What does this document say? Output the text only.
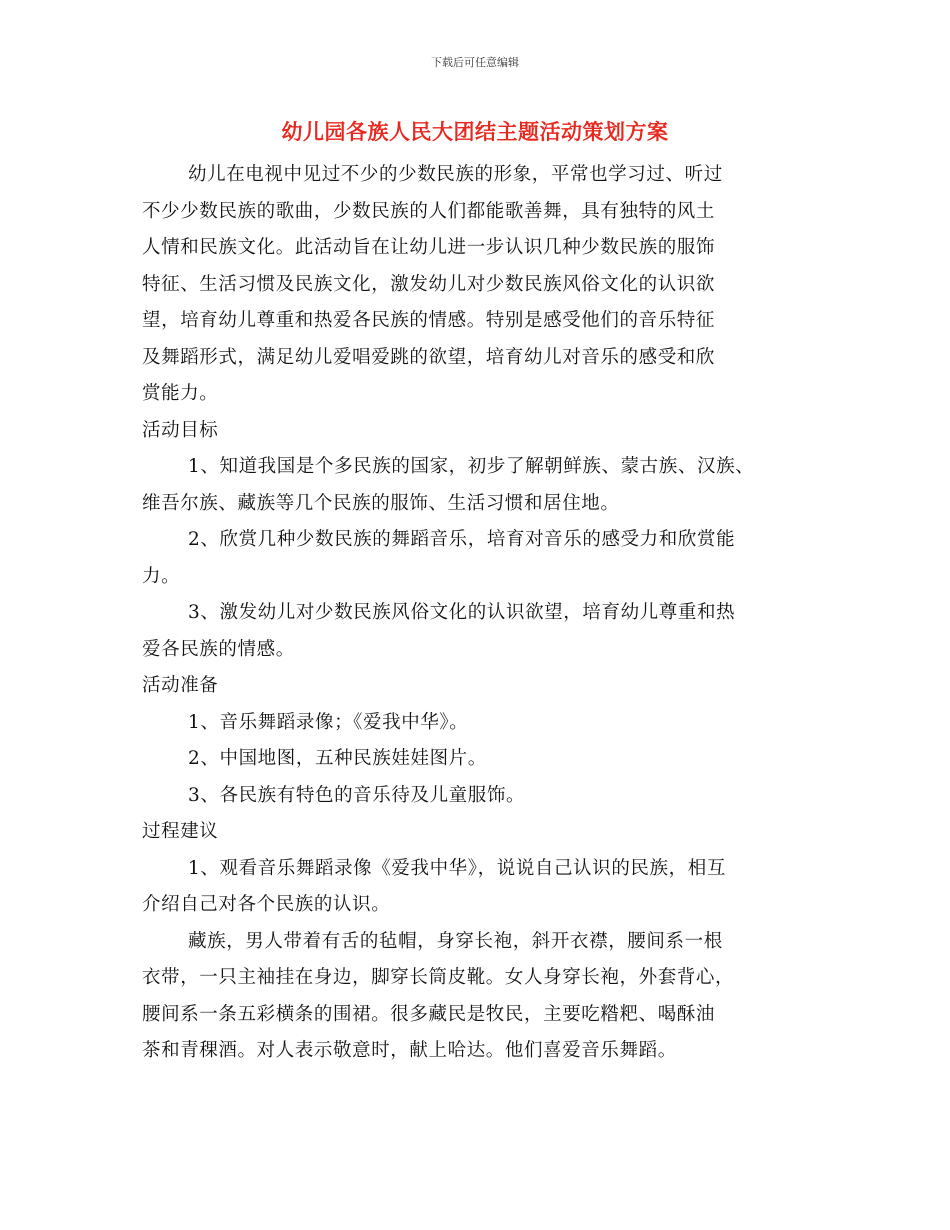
下载后可任意编辑
幼儿园各族人民大团结主题活动策划方案

幼儿在电视中见过不少的少数民族的形象，平常也学习过、听过
不少少数民族的歌曲，少数民族的人们都能歌善舞，具有独特的风土
人情和民族文化。此活动旨在让幼儿进一步认识几种少数民族的服饰
特征、生活习惯及民族文化，激发幼儿对少数民族风俗文化的认识欲
望，培育幼儿尊重和热爱各民族的情感。特别是感受他们的音乐特征
及舞蹈形式，满足幼儿爱唱爱跳的欲望，培育幼儿对音乐的感受和欣
赏能力。

活动目标

1、知道我国是个多民族的国家，初步了解朝鲜族、蒙古族、汉族、
维吾尔族、藏族等几个民族的服饰、生活习惯和居住地。

2、欣赏几种少数民族的舞蹈音乐，培育对音乐的感受力和欣赏能
力。

3、激发幼儿对少数民族风俗文化的认识欲望，培育幼儿尊重和热
爱各民族的情感。

活动准备

1、音乐舞蹈录像；《爱我中华》。

2、中国地图，五种民族娃娃图片。

3、各民族有特色的音乐待及儿童服饰。

过程建议

1、观看音乐舞蹈录像《爱我中华》，说说自己认识的民族，相互
介绍自己对各个民族的认识。

藏族，男人带着有舌的毡帽，身穿长袍，斜开衣襟，腰间系一根
衣带，一只主袖挂在身边，脚穿长筒皮靴。女人身穿长袍，外套背心，
腰间系一条五彩横条的围裙。很多藏民是牧民，主要吃糌粑、喝酥油
茶和青稞酒。对人表示敬意时，献上哈达。他们喜爱音乐舞蹈。
